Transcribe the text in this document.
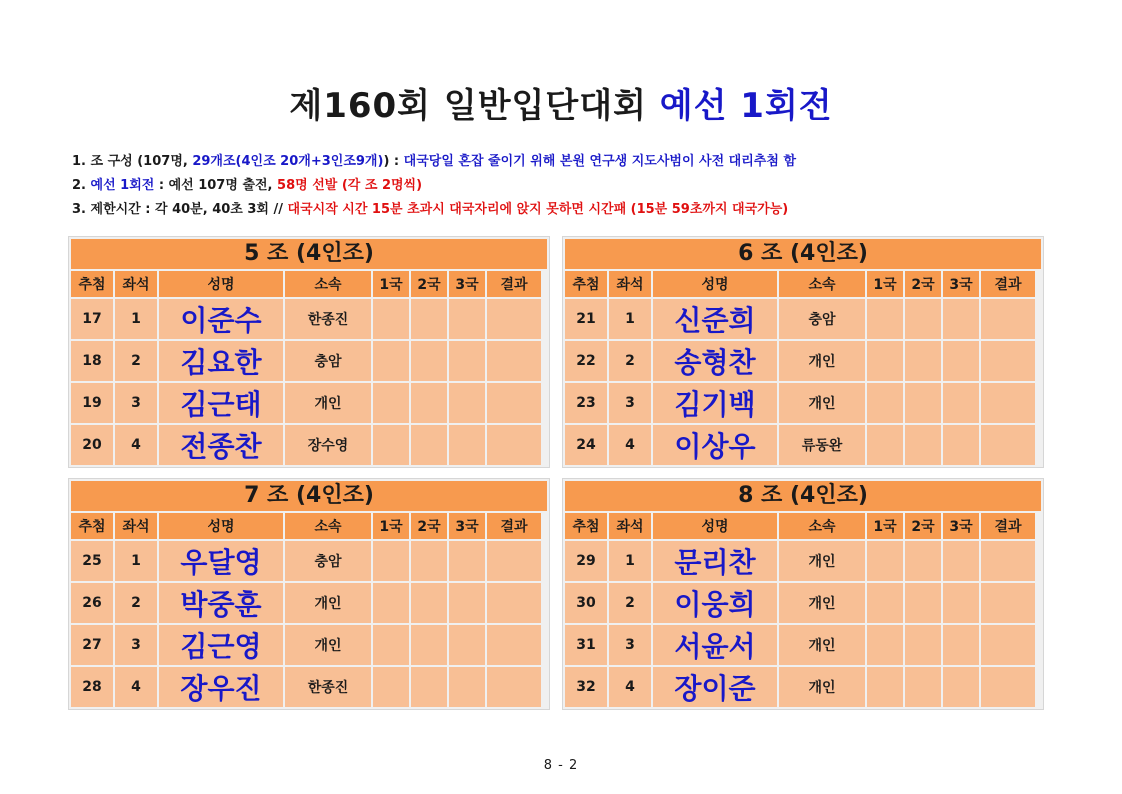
제160회 일반입단대회 예선 1회전
1. 조 구성 (107명, 29개조(4인조 20개+3인조9개)) : 대국당일 혼잡 줄이기 위해 본원 연구생 지도사범이 사전 대리추첨 함
2. 예선 1회전 : 예선 107명 출전, 58명 선발 (각 조 2명씩)
3. 제한시간 : 각 40분, 40초 3회 // 대국시작 시간 15분 초과시 대국자리에 앉지 못하면 시간패 (15분 59초까지 대국가능)
5 조 (4인조)
추첨	좌석	성명	소속	1국	2국	3국	결과
17	1	이준수	한종진
18	2	김요한	충암
19	3	김근태	개인
20	4	전종찬	장수영
6 조 (4인조)
추첨	좌석	성명	소속	1국	2국	3국	결과
21	1	신준희	충암
22	2	송형찬	개인
23	3	김기백	개인
24	4	이상우	류동완
7 조 (4인조)
추첨	좌석	성명	소속	1국	2국	3국	결과
25	1	우달영	충암
26	2	박중훈	개인
27	3	김근영	개인
28	4	장우진	한종진
8 조 (4인조)
추첨	좌석	성명	소속	1국	2국	3국	결과
29	1	문리찬	개인
30	2	이웅희	개인
31	3	서윤서	개인
32	4	장이준	개인
8 - 2
